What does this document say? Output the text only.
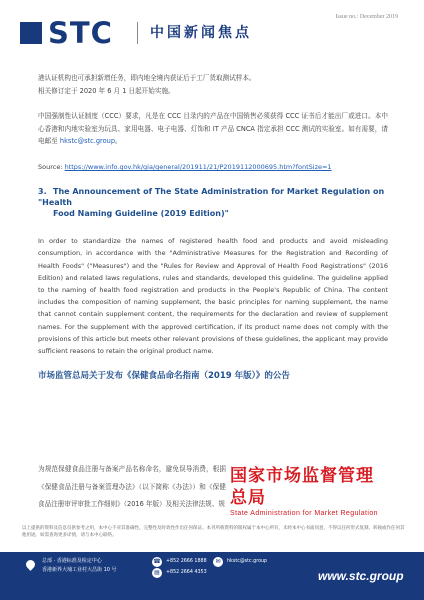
STC	中国新闻焦点
Issue no.: December 2019

港认证机构也可承担新增任务，即内地全境内获证后于工厂货取测试样本。
相关修订定于 2020 年 6 月 1 日起开始实施。

中国强制性认证制度（CCC）要求，凡是在 CCC 目录内的产品在中国销售必须获得 CCC 证书后才能出厂或进口。本中心香港和内地实验室为玩具、家用电器、电子电器、灯饰和 IT 产品 CNCA 指定承担 CCC 测试的实验室。如有需要，请电邮至 hkstc@stc.group。

Source: https://www.info.gov.hk/gia/general/201911/21/P2019112000695.htm?fontSize=1

3. The Announcement of The State Administration for Market Regulation on "Health
Food Naming Guideline (2019 Edition)"

In order to standardize the names of registered health food and products and avoid misleading consumption, in accordance with the "Administrative Measures for the Registration and Recording of Health Foods" ("Measures") and the "Rules for Review and Approval of Health Food Registrations" (2016 Edition) and related laws regulations, rules and standards, developed this guideline. The guideline applied to the naming of health food registration and products in the People's Republic of China. The content includes the composition of naming supplement, the basic principles for naming supplement, the name that cannot contain supplement content, the requirements for the declaration and review of supplement names. For the supplement with the approved certification, if its product name does not comply with the provisions of this article but meets other relevant provisions of these guidelines, the applicant may provide sufficient reasons to retain the original product name.

市场监管总局关于发布《保健食品命名指南（2019 年版）》的公告

为规范保健食品注册与备案产品名称命名，避免误导消费，根据《保健食品注册与备案管理办法》（以下简称《办法》）和《保健食品注册审评审批工作细则》（2016 年版）及相关法律法规、规

国家市场监督管理总局
State Administration for Market Regulation
以上提供的资料及信息仅供参考之用，本中心不对其准确性、完整性及时效性作出任何保证。本刊所载资料的版权属于本中心所有，未经本中心书面同意，不得以任何形式复制、转载或作任何其他用途。如需查询更多详情，请与本中心联络。
总部 · 香港标准及检定中心
香港新界大埔工业村大昌街 10 号
☎ +852 2666 1888
▤	+852 2664 4353
✉	hkstc@stc.group
www.stc.group
